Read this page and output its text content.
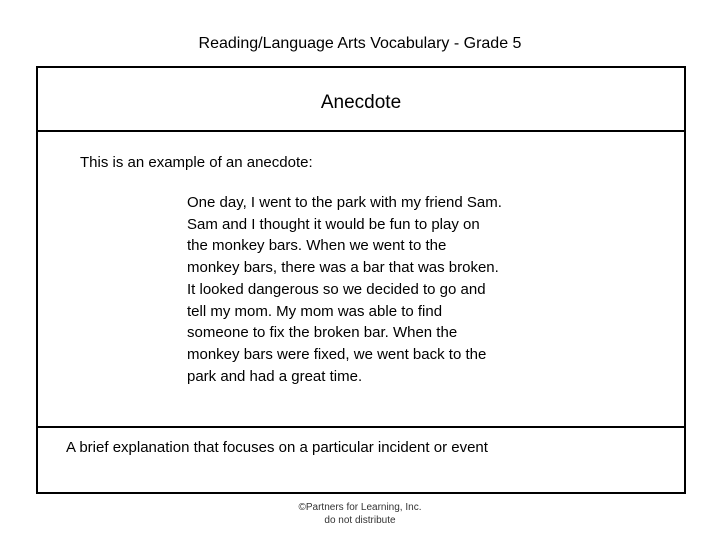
Reading/Language Arts Vocabulary - Grade 5
Anecdote
This is an example of an anecdote:
One day, I went to the park with my friend Sam.
Sam and I thought it would be fun to play on
the monkey bars. When we went to the
monkey bars, there was a bar that was broken.
It looked dangerous so we decided to go and
tell my mom. My mom was able to find
someone to fix the broken bar. When the
monkey bars were fixed, we went back to the
park and had a great time.
A brief explanation that focuses on a particular incident or event
©Partners for Learning, Inc.
do not distribute
